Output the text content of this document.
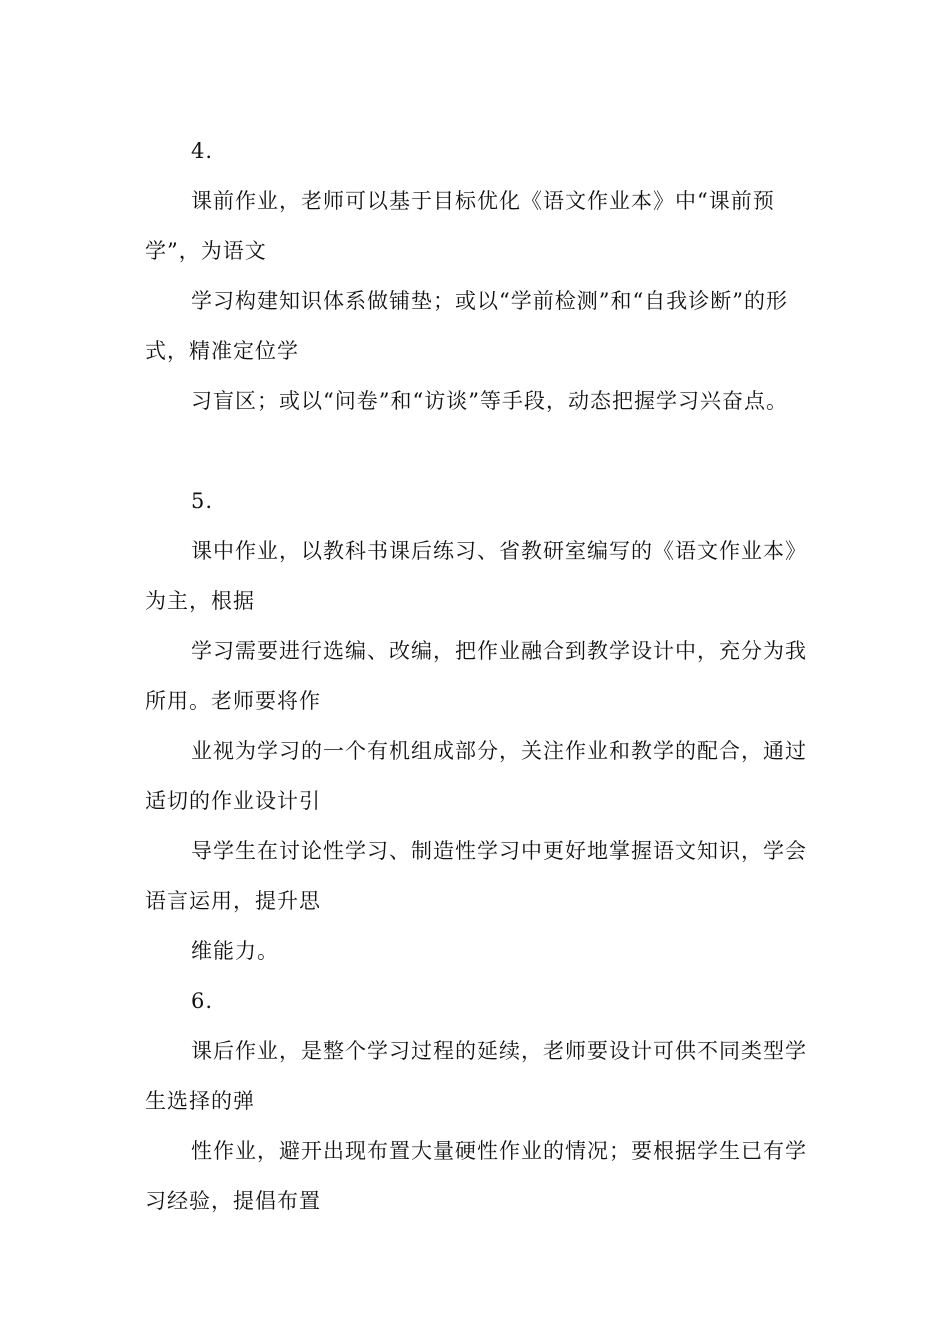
4.

课前作业，老师可以基于目标优化《语文作业本》中“课前预学”，为语文

学习构建知识体系做铺垫；或以“学前检测”和“自我诊断”的形式，精准定位学

习盲区；或以“问卷”和“访谈”等手段，动态把握学习兴奋点。

5.

课中作业，以教科书课后练习、省教研室编写的《语文作业本》为主，根据

学习需要进行选编、改编，把作业融合到教学设计中，充分为我所用。老师要将作

业视为学习的一个有机组成部分，关注作业和教学的配合，通过适切的作业设计引

导学生在讨论性学习、制造性学习中更好地掌握语文知识，学会语言运用，提升思

维能力。

6.

课后作业，是整个学习过程的延续，老师要设计可供不同类型学生选择的弹

性作业，避开出现布置大量硬性作业的情况；要根据学生已有学习经验，提倡布置
